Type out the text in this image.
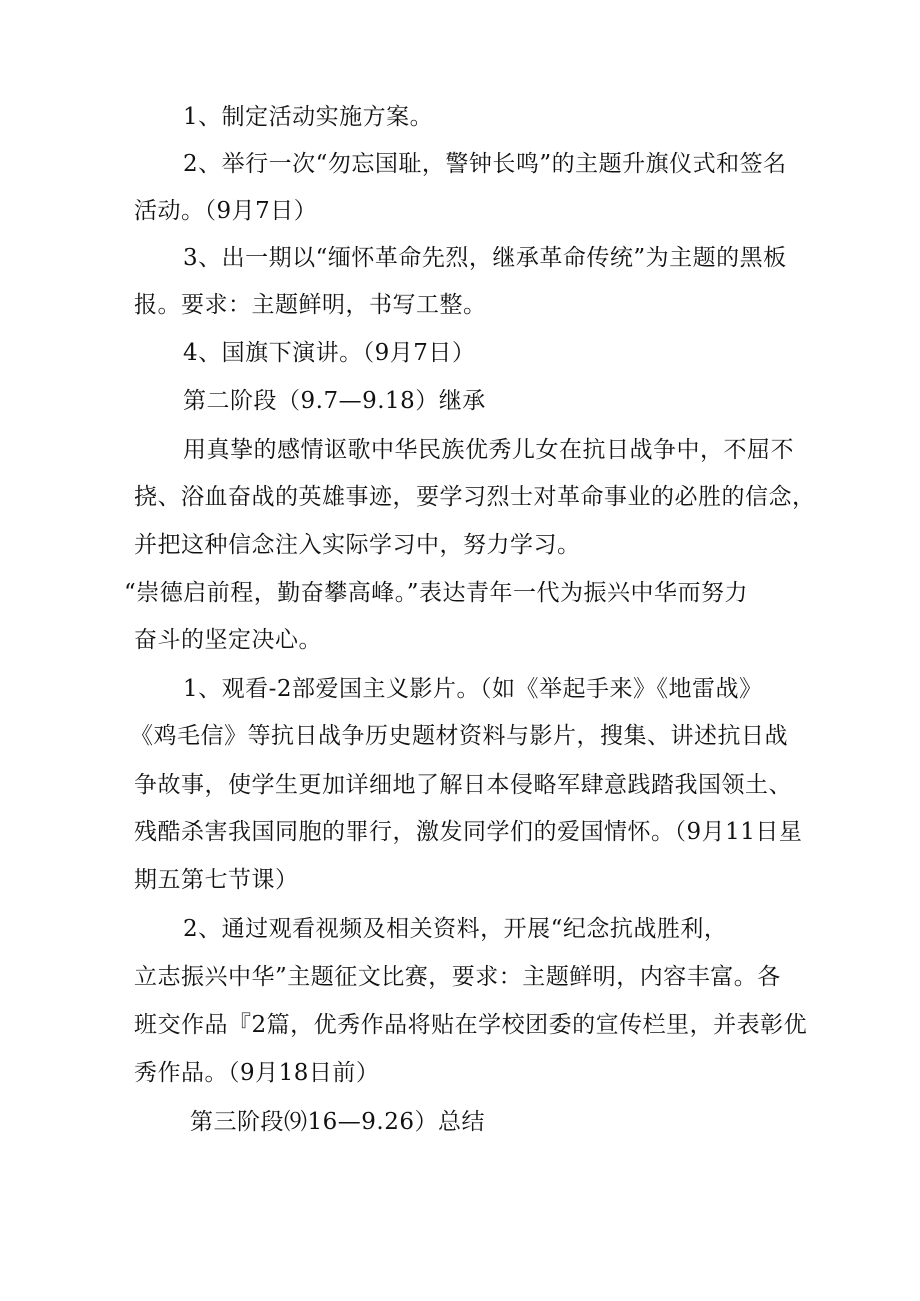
1、制定活动实施方案。
2、举行一次“勿忘国耻，警钟长鸣”的主题升旗仪式和签名
活动。（9月7日）
3、出一期以“缅怀革命先烈，继承革命传统”为主题的黑板
报。要求：主题鲜明，书写工整。
4、国旗下演讲。（9月7日）
第二阶段（9.7—9.18）继承
用真挚的感情讴歌中华民族优秀儿女在抗日战争中，不屈不
挠、浴血奋战的英雄事迹，要学习烈士对革命事业的必胜的信念，
并把这种信念注入实际学习中，努力学习。
“崇德启前程，勤奋攀高峰。”表达青年一代为振兴中华而努力
奋斗的坚定决心。
1、观看-2部爱国主义影片。（如《举起手来》《地雷战》
《鸡毛信》等抗日战争历史题材资料与影片，搜集、讲述抗日战
争故事，使学生更加详细地了解日本侵略军肆意践踏我国领土、
残酷杀害我国同胞的罪行，激发同学们的爱国情怀。（9月11日星
期五第七节课）
2、通过观看视频及相关资料，开展“纪念抗战胜利，
立志振兴中华”主题征文比赛，要求：主题鲜明，内容丰富。各
班交作品『2篇，优秀作品将贴在学校团委的宣传栏里，并表彰优
秀作品。（9月18日前）
第三阶段⑼16—9.26）总结
